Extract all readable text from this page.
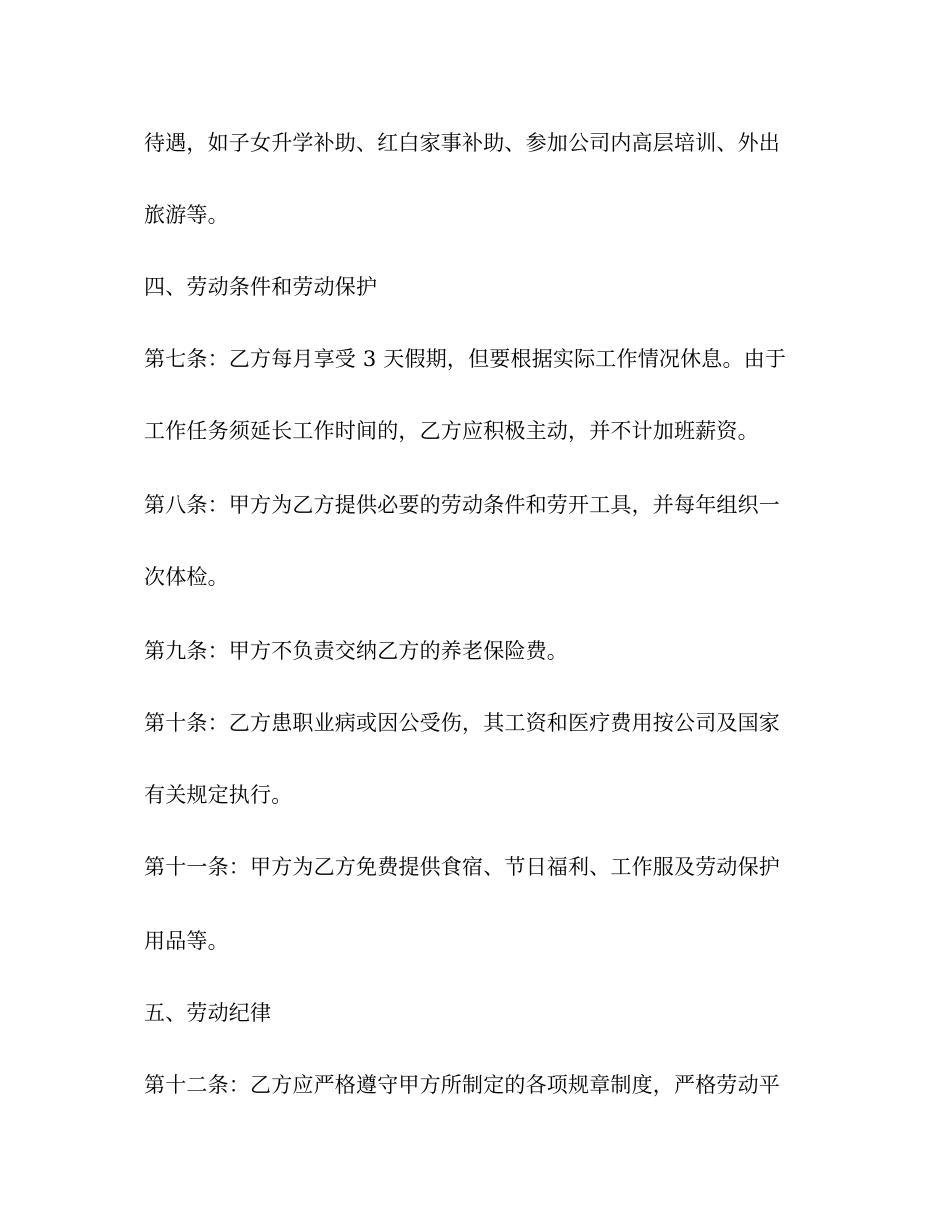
待遇，如子女升学补助、红白家事补助、参加公司内高层培训、外出
旅游等。
四、劳动条件和劳动保护
第七条：乙方每月享受 3 天假期，但要根据实际工作情况休息。由于
工作任务须延长工作时间的，乙方应积极主动，并不计加班薪资。
第八条：甲方为乙方提供必要的劳动条件和劳开工具，并每年组织一
次体检。
第九条：甲方不负责交纳乙方的养老保险费。
第十条：乙方患职业病或因公受伤，其工资和医疗费用按公司及国家
有关规定执行。
第十一条：甲方为乙方免费提供食宿、节日福利、工作服及劳动保护
用品等。
五、劳动纪律
第十二条：乙方应严格遵守甲方所制定的各项规章制度，严格劳动平
